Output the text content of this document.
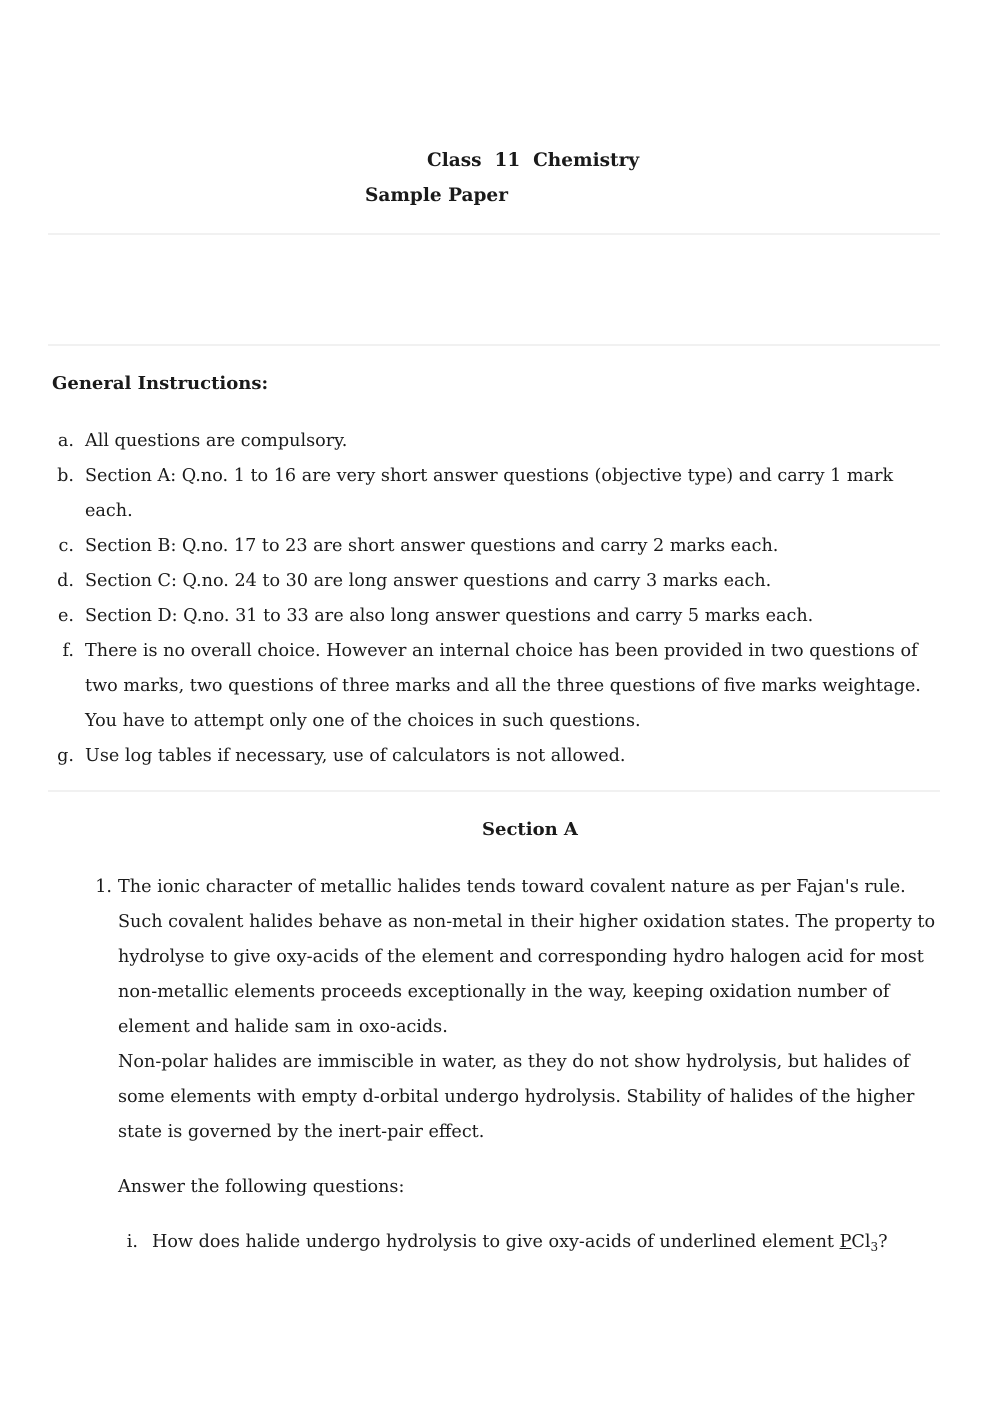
Class  11  Chemistry
Sample Paper
General Instructions:
a. All questions are compulsory.
b. Section A: Q.no. 1 to 16 are very short answer questions (objective type) and carry 1 mark each.
c. Section B: Q.no. 17 to 23 are short answer questions and carry 2 marks each.
d. Section C: Q.no. 24 to 30 are long answer questions and carry 3 marks each.
e. Section D: Q.no. 31 to 33 are also long answer questions and carry 5 marks each.
f. There is no overall choice. However an internal choice has been provided in two questions of two marks, two questions of three marks and all the three questions of five marks weightage. You have to attempt only one of the choices in such questions.
g. Use log tables if necessary, use of calculators is not allowed.
Section A
1. The ionic character of metallic halides tends toward covalent nature as per Fajan's rule. Such covalent halides behave as non-metal in their higher oxidation states. The property to hydrolyse to give oxy-acids of the element and corresponding hydro halogen acid for most non-metallic elements proceeds exceptionally in the way, keeping oxidation number of element and halide sam in oxo-acids.

Non-polar halides are immiscible in water, as they do not show hydrolysis, but halides of some elements with empty d-orbital undergo hydrolysis. Stability of halides of the higher state is governed by the inert-pair effect.

Answer the following questions:

i. How does halide undergo hydrolysis to give oxy-acids of underlined element PCl$_3$?
